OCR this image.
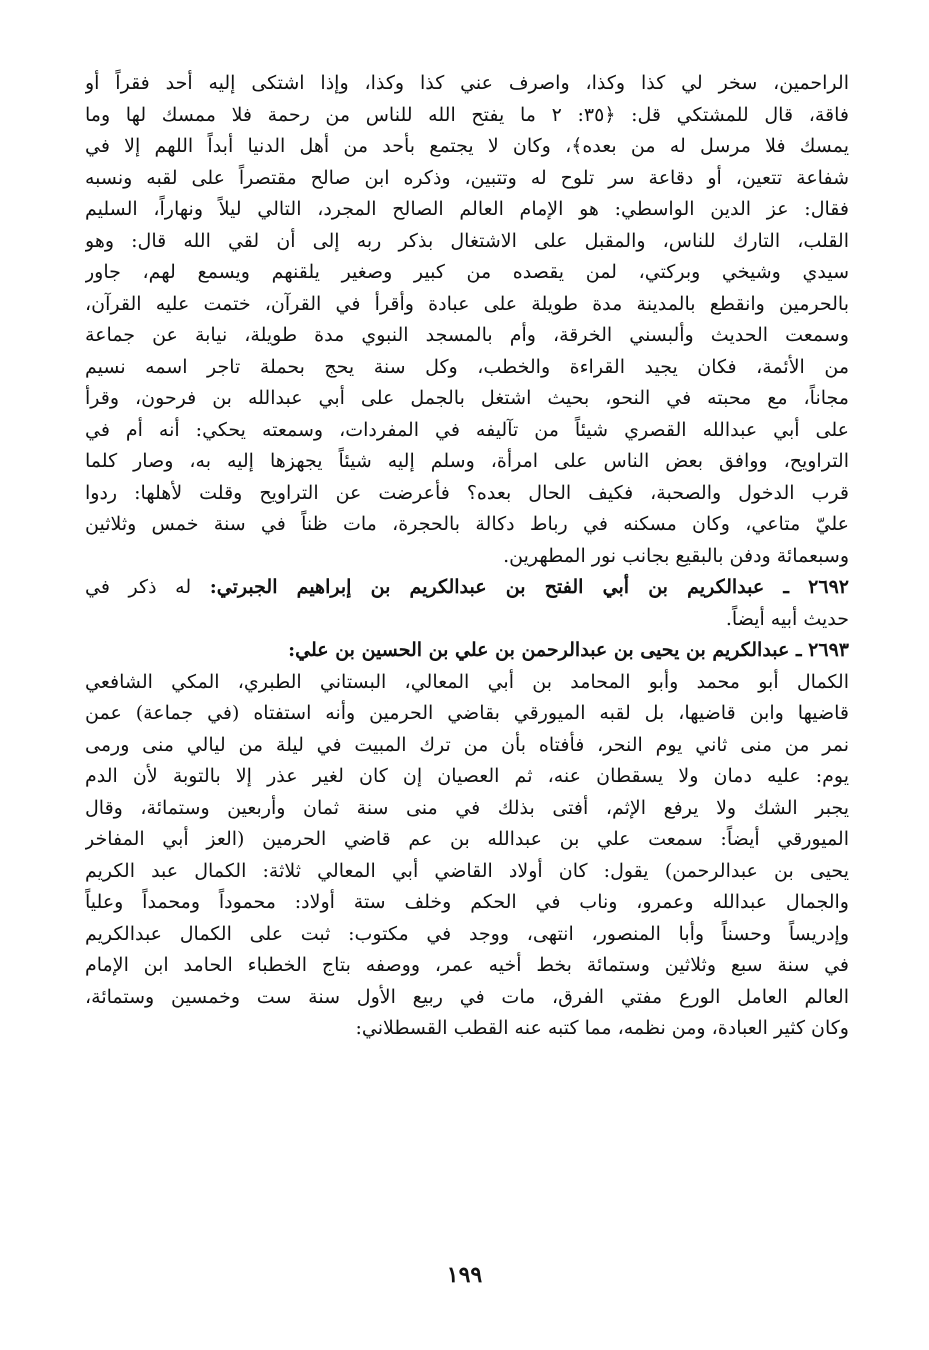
الراحمين، سخر لي كذا وكذا، واصرف عني كذا وكذا، وإذا اشتكى إليه أحد فقراً أو
فاقة، قال للمشتكي قل: ﴿٣٥: ٢ ما يفتح الله للناس من رحمة فلا ممسك لها وما
يمسك فلا مرسل له من بعده﴾، وكان لا يجتمع بأحد من أهل الدنيا أبداً اللهم إلا في
شفاعة تتعين، أو دقاعة سر تلوح له وتتبين، وذكره ابن صالح مقتصراً على لقبه ونسبه
فقال: عز الدين الواسطي: هو الإمام العالم الصالح المجرد، التالي ليلاً ونهاراً، السليم
القلب، التارك للناس، والمقبل على الاشتغال بذكر ربه إلى أن لقي الله قال: وهو
سيدي وشيخي وبركتي، لمن يقصده من كبير وصغير يلقنهم ويسمع لهم، جاور
بالحرمين وانقطع بالمدينة مدة طويلة على عبادة وأقرأ في القرآن، ختمت عليه القرآن،
وسمعت الحديث وألبسني الخرقة، وأم بالمسجد النبوي مدة طويلة، نيابة عن جماعة
من الأئمة، فكان يجيد القراءة والخطب، وكل سنة يحج بحملة تاجر اسمه نسيم
مجاناً، مع محبته في النحو، بحيث اشتغل بالجمل على أبي عبدالله بن فرحون، وقرأ
على أبي عبدالله القصري شيئاً من تآليفه في المفردات، وسمعته يحكي: أنه أم في
التراويح، ووافق بعض الناس على امرأة، وسلم إليه شيئاً يجهزها إليه به، وصار كلما
قرب الدخول والصحبة، فكيف الحال بعده؟ فأعرضت عن التراويح وقلت لأهلها: ردوا
عليّ متاعي، وكان مسكنه في رباط دكالة بالحجرة، مات ظناً في سنة خمس وثلاثين
وسبعمائة ودفن بالبقيع بجانب نور المطهرين.
٢٦٩٢ ـ عبدالكريم بن أبي الفتح بن عبدالكريم بن إبراهيم الجبرتي: له ذكر في
حديث أبيه أيضاً.
٢٦٩٣ ـ عبدالكريم بن يحيى بن عبدالرحمن بن علي بن الحسين بن علي:
الكمال أبو محمد وأبو المحامد بن أبي المعالي، البستاني الطبري، المكي الشافعي
قاضيها وابن قاضيها، بل لقبه الميورقي بقاضي الحرمين وأنه استفتاه (في جماعة) عمن
نمر من منى ثاني يوم النحر، فأفتاه بأن من ترك المبيت في ليلة من ليالي منى ورمى
يوم: عليه دمان ولا يسقطان عنه، ثم العصيان إن كان لغير عذر إلا بالتوبة لأن الدم
يجبر الشك ولا يرفع الإثم، أفتى بذلك في منى سنة ثمان وأربعين وستمائة، وقال
الميورقي أيضاً: سمعت علي بن عبدالله بن عم قاضي الحرمين (العز أبي المفاخر
يحيى بن عبدالرحمن) يقول: كان أولاد القاضي أبي المعالي ثلاثة: الكمال عبد الكريم
والجمال عبدالله وعمرو، وناب في الحكم وخلف ستة أولاد: محموداً ومحمداً وعلياً
وإدريساً وحسناً وأبا المنصور، انتهى، ووجد في مكتوب: ثبت على الكمال عبدالكريم
في سنة سبع وثلاثين وستمائة بخط أخيه عمر، ووصفه بتاج الخطباء الحامد ابن الإمام
العالم العامل الورع مفتي الفرق، مات في ربيع الأول سنة ست وخمسين وستمائة،
وكان كثير العبادة، ومن نظمه، مما كتبه عنه القطب القسطلاني:
١٩٩
